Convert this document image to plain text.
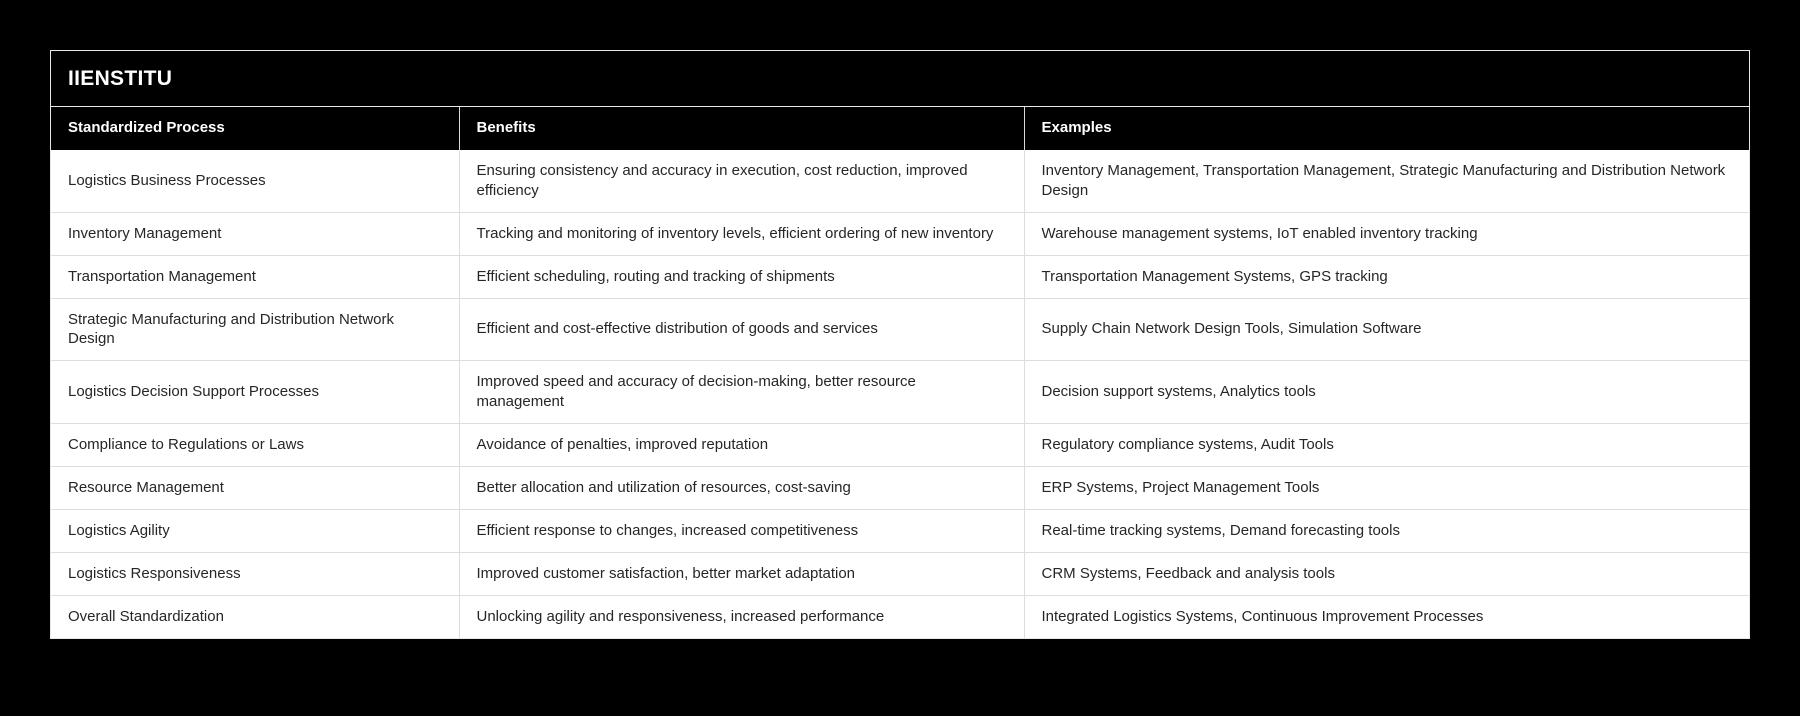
IIENSTITU
Standardized Process	Benefits	Examples
Logistics Business Processes	Ensuring consistency and accuracy in execution, cost reduction, improved efficiency	Inventory Management, Transportation Management, Strategic Manufacturing and Distribution Network Design
Inventory Management	Tracking and monitoring of inventory levels, efficient ordering of new inventory	Warehouse management systems, IoT enabled inventory tracking
Transportation Management	Efficient scheduling, routing and tracking of shipments	Transportation Management Systems, GPS tracking
Strategic Manufacturing and Distribution Network Design	Efficient and cost-effective distribution of goods and services	Supply Chain Network Design Tools, Simulation Software
Logistics Decision Support Processes	Improved speed and accuracy of decision-making, better resource management	Decision support systems, Analytics tools
Compliance to Regulations or Laws	Avoidance of penalties, improved reputation	Regulatory compliance systems, Audit Tools
Resource Management	Better allocation and utilization of resources, cost-saving	ERP Systems, Project Management Tools
Logistics Agility	Efficient response to changes, increased competitiveness	Real-time tracking systems, Demand forecasting tools
Logistics Responsiveness	Improved customer satisfaction, better market adaptation	CRM Systems, Feedback and analysis tools
Overall Standardization	Unlocking agility and responsiveness, increased performance	Integrated Logistics Systems, Continuous Improvement Processes
